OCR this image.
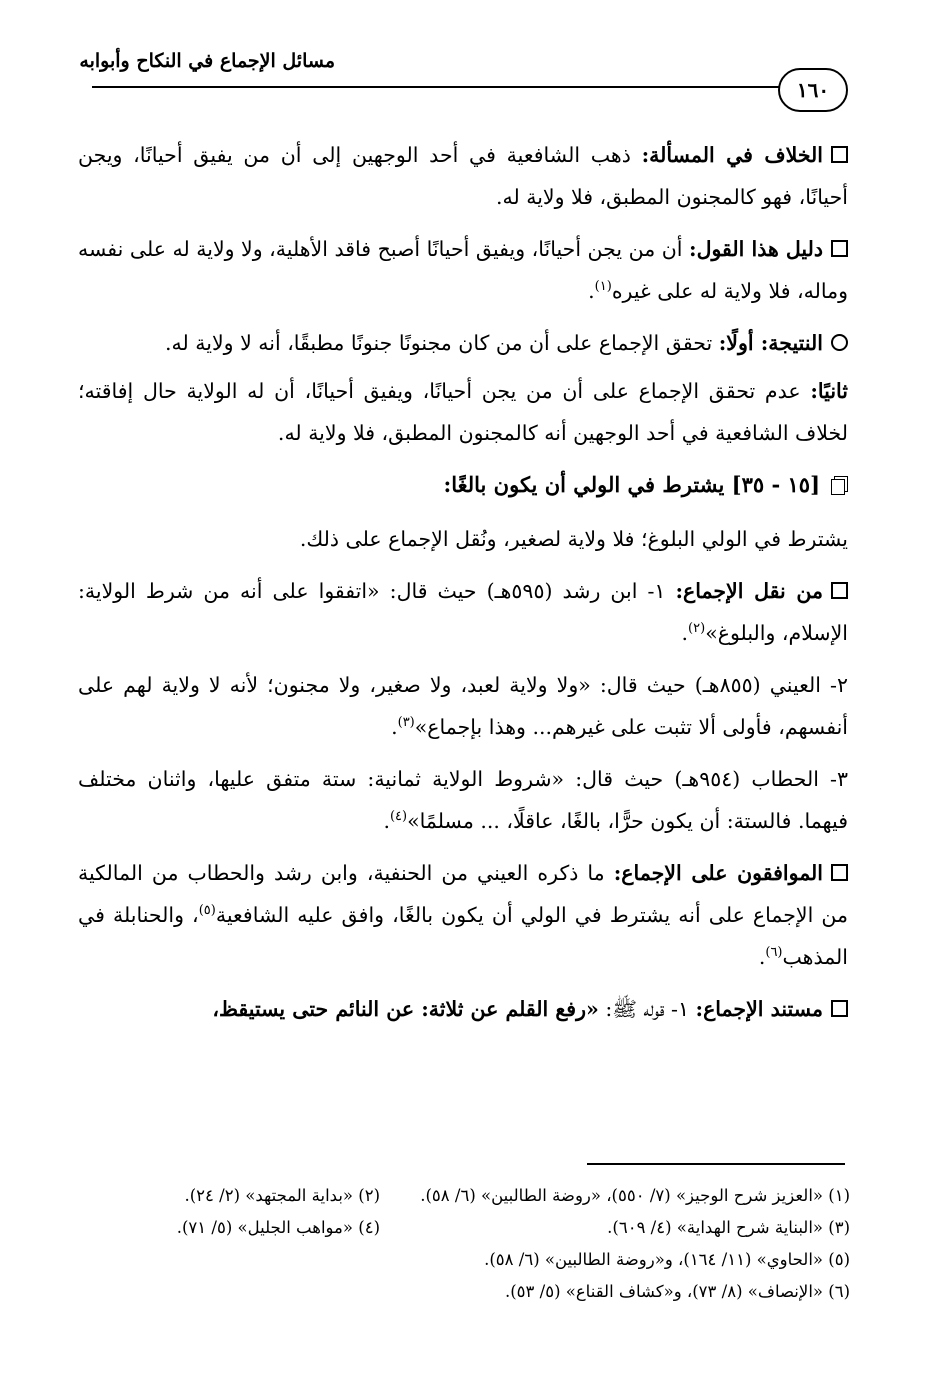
مسائل الإجماع في النكاح وأبوابه
١٦٠

الخلاف في المسألة: ذهب الشافعية في أحد الوجهين إلى أن من يفيق أحيانًا، ويجن أحيانًا، فهو كالمجنون المطبق، فلا ولاية له.

دليل هذا القول: أن من يجن أحيانًا، ويفيق أحيانًا أصبح فاقد الأهلية، ولا ولاية له على نفسه وماله، فلا ولاية له على غيره$^{(١)}$.

النتيجة: أولًا: تحقق الإجماع على أن من كان مجنونًا جنونًا مطبقًا، أنه لا ولاية له.

ثانيًا: عدم تحقق الإجماع على أن من يجن أحيانًا، ويفيق أحيانًا، أن له الولاية حال إفاقته؛ لخلاف الشافعية في أحد الوجهين أنه كالمجنون المطبق، فلا ولاية له.

[١٥ - ٣٥] يشترط في الولي أن يكون بالغًا:

يشترط في الولي البلوغ؛ فلا ولاية لصغير، ونُقل الإجماع على ذلك.

من نقل الإجماع: ١- ابن رشد (٥٩٥هـ) حيث قال: «اتفقوا على أنه من شرط الولاية: الإسلام، والبلوغ»$^{(٢)}$.

٢- العيني (٨٥٥هـ) حيث قال: «ولا ولاية لعبد، ولا صغير، ولا مجنون؛ لأنه لا ولاية لهم على أنفسهم، فأولى ألا تثبت على غيرهم... وهذا بإجماع»$^{(٣)}$.

٣- الحطاب (٩٥٤هـ) حيث قال: «شروط الولاية ثمانية: ستة متفق عليها، واثنان مختلف فيهما. فالستة: أن يكون حرًّا، بالغًا، عاقلًا، ... مسلمًا»$^{(٤)}$.

الموافقون على الإجماع: ما ذكره العيني من الحنفية، وابن رشد والحطاب من المالكية من الإجماع على أنه يشترط في الولي أن يكون بالغًا، وافق عليه الشافعية$^{(٥)}$، والحنابلة في المذهب$^{(٦)}$.

مستند الإجماع: ١- قوله ﷺ: «رفع القلم عن ثلاثة: عن النائم حتى يستيقظ،

(١) «العزيز شرح الوجيز» (٧/ ٥٥٠)، «روضة الطالبين» (٦/ ٥٨).
(٢) «بداية المجتهد» (٢/ ٢٤).
(٣) «البناية شرح الهداية» (٤/ ٦٠٩).
(٤) «مواهب الجليل» (٥/ ٧١).
(٥) «الحاوي» (١١/ ١٦٤)، و«روضة الطالبين» (٦/ ٥٨).
(٦) «الإنصاف» (٨/ ٧٣)، و«كشاف القناع» (٥/ ٥٣).
